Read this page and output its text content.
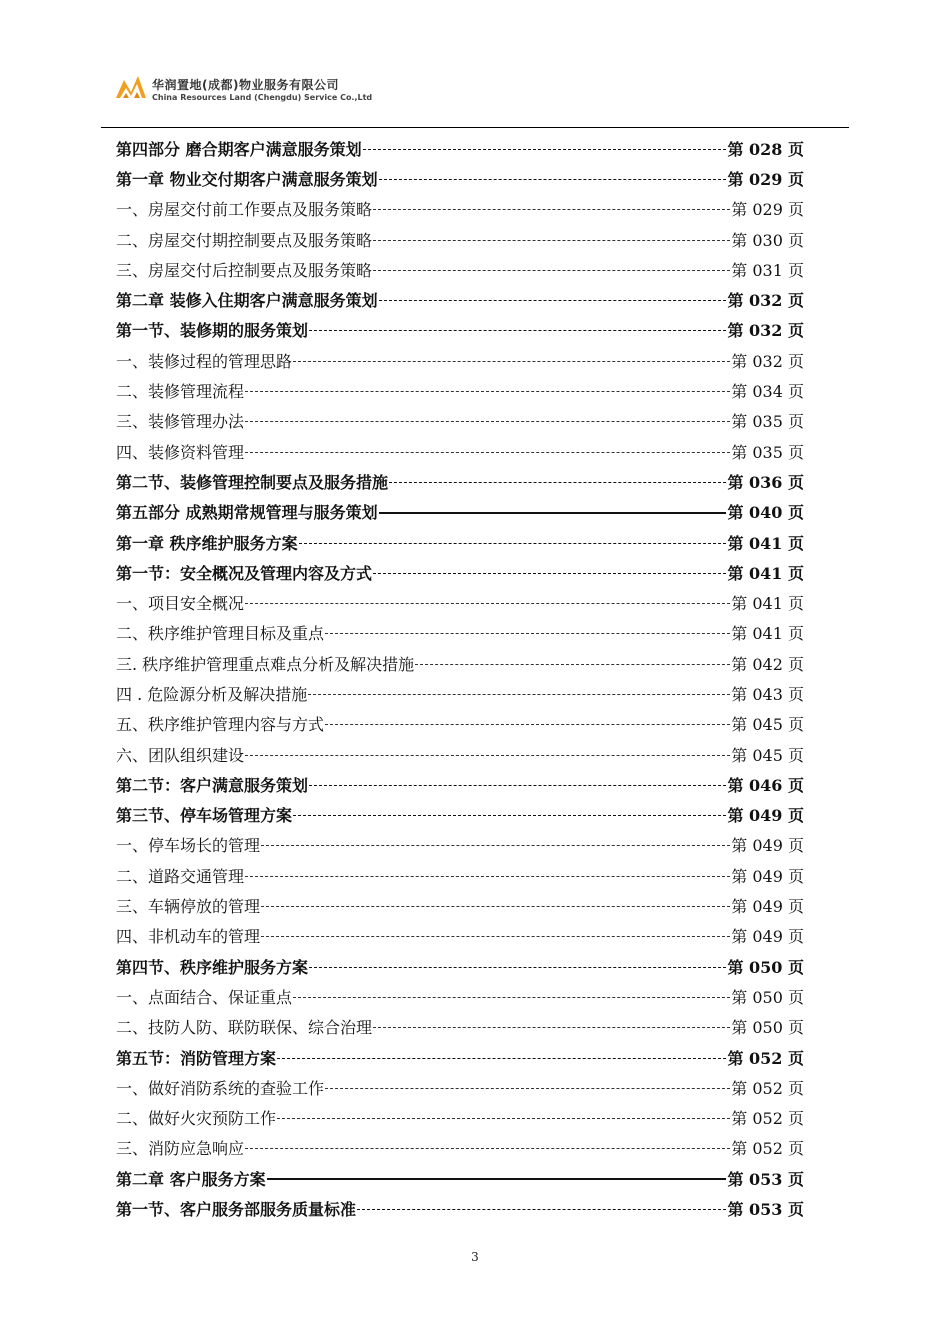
华润置地(成都)物业服务有限公司
China Resources Land (Chengdu) Service Co.,Ltd
第四部分 磨合期客户满意服务策划	第 028 页
第一章 物业交付期客户满意服务策划	第 029 页
一、房屋交付前工作要点及服务策略	第 029 页
二、房屋交付期控制要点及服务策略	第 030 页
三、房屋交付后控制要点及服务策略	第 031 页
第二章 装修入住期客户满意服务策划	第 032 页
第一节、装修期的服务策划	第 032 页
一、装修过程的管理思路	第 032 页
二、装修管理流程	第 034 页
三、装修管理办法	第 035 页
四、装修资料管理	第 035 页
第二节、装修管理控制要点及服务措施	第 036 页
第五部分 成熟期常规管理与服务策划	第 040 页
第一章 秩序维护服务方案	第 041 页
第一节：安全概况及管理内容及方式	第 041 页
一、项目安全概况	第 041 页
二、秩序维护管理目标及重点	第 041 页
三. 秩序维护管理重点难点分析及解决措施	第 042 页
四 . 危险源分析及解决措施	第 043 页
五、秩序维护管理内容与方式	第 045 页
六、团队组织建设	第 045 页
第二节：客户满意服务策划	第 046 页
第三节、停车场管理方案	第 049 页
一、停车场长的管理	第 049 页
二、道路交通管理	第 049 页
三、车辆停放的管理	第 049 页
四、非机动车的管理	第 049 页
第四节、秩序维护服务方案	第 050 页
一、点面结合、保证重点	第 050 页
二、技防人防、联防联保、综合治理	第 050 页
第五节：消防管理方案	第 052 页
一、做好消防系统的查验工作	第 052 页
二、做好火灾预防工作	第 052 页
三、消防应急响应	第 052 页
第二章 客户服务方案	第 053 页
第一节、客户服务部服务质量标准	第 053 页
3
